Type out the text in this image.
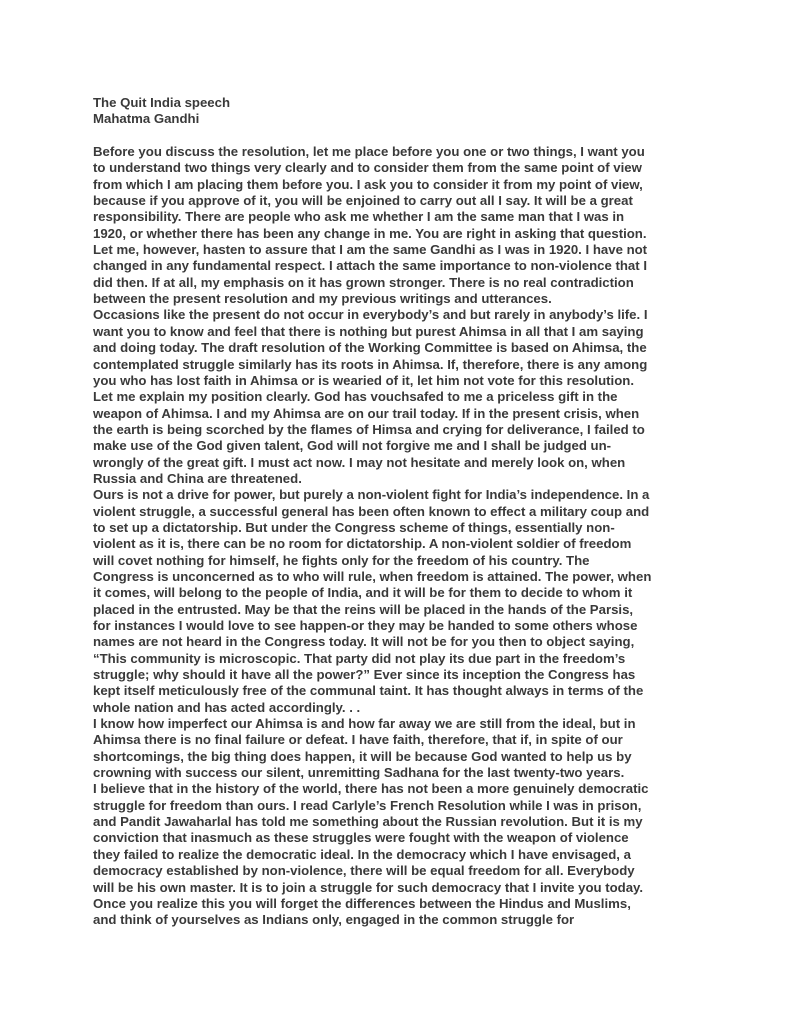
The Quit India speech
Mahatma Gandhi
Before you discuss the resolution, let me place before you one or two things, I want you
to understand two things very clearly and to consider them from the same point of view
from which I am placing them before you. I ask you to consider it from my point of view,
because if you approve of it, you will be enjoined to carry out all I say. It will be a great
responsibility. There are people who ask me whether I am the same man that I was in
1920, or whether there has been any change in me. You are right in asking that question.
Let me, however, hasten to assure that I am the same Gandhi as I was in 1920. I have not
changed in any fundamental respect. I attach the same importance to non-violence that I
did then. If at all, my emphasis on it has grown stronger. There is no real contradiction
between the present resolution and my previous writings and utterances.
Occasions like the present do not occur in everybody’s and but rarely in anybody’s life. I
want you to know and feel that there is nothing but purest Ahimsa in all that I am saying
and doing today. The draft resolution of the Working Committee is based on Ahimsa, the
contemplated struggle similarly has its roots in Ahimsa. If, therefore, there is any among
you who has lost faith in Ahimsa or is wearied of it, let him not vote for this resolution.
Let me explain my position clearly. God has vouchsafed to me a priceless gift in the
weapon of Ahimsa. I and my Ahimsa are on our trail today. If in the present crisis, when
the earth is being scorched by the flames of Himsa and crying for deliverance, I failed to
make use of the God given talent, God will not forgive me and I shall be judged un-
wrongly of the great gift. I must act now. I may not hesitate and merely look on, when
Russia and China are threatened.
Ours is not a drive for power, but purely a non-violent fight for India’s independence. In a
violent struggle, a successful general has been often known to effect a military coup and
to set up a dictatorship. But under the Congress scheme of things, essentially non-
violent as it is, there can be no room for dictatorship. A non-violent soldier of freedom
will covet nothing for himself, he fights only for the freedom of his country. The
Congress is unconcerned as to who will rule, when freedom is attained. The power, when
it comes, will belong to the people of India, and it will be for them to decide to whom it
placed in the entrusted. May be that the reins will be placed in the hands of the Parsis,
for instances I would love to see happen-or they may be handed to some others whose
names are not heard in the Congress today. It will not be for you then to object saying,
“This community is microscopic. That party did not play its due part in the freedom’s
struggle; why should it have all the power?” Ever since its inception the Congress has
kept itself meticulously free of the communal taint. It has thought always in terms of the
whole nation and has acted accordingly. . .
I know how imperfect our Ahimsa is and how far away we are still from the ideal, but in
Ahimsa there is no final failure or defeat. I have faith, therefore, that if, in spite of our
shortcomings, the big thing does happen, it will be because God wanted to help us by
crowning with success our silent, unremitting Sadhana for the last twenty-two years.
I believe that in the history of the world, there has not been a more genuinely democratic
struggle for freedom than ours. I read Carlyle’s French Resolution while I was in prison,
and Pandit Jawaharlal has told me something about the Russian revolution. But it is my
conviction that inasmuch as these struggles were fought with the weapon of violence
they failed to realize the democratic ideal. In the democracy which I have envisaged, a
democracy established by non-violence, there will be equal freedom for all. Everybody
will be his own master. It is to join a struggle for such democracy that I invite you today.
Once you realize this you will forget the differences between the Hindus and Muslims,
and think of yourselves as Indians only, engaged in the common struggle for
